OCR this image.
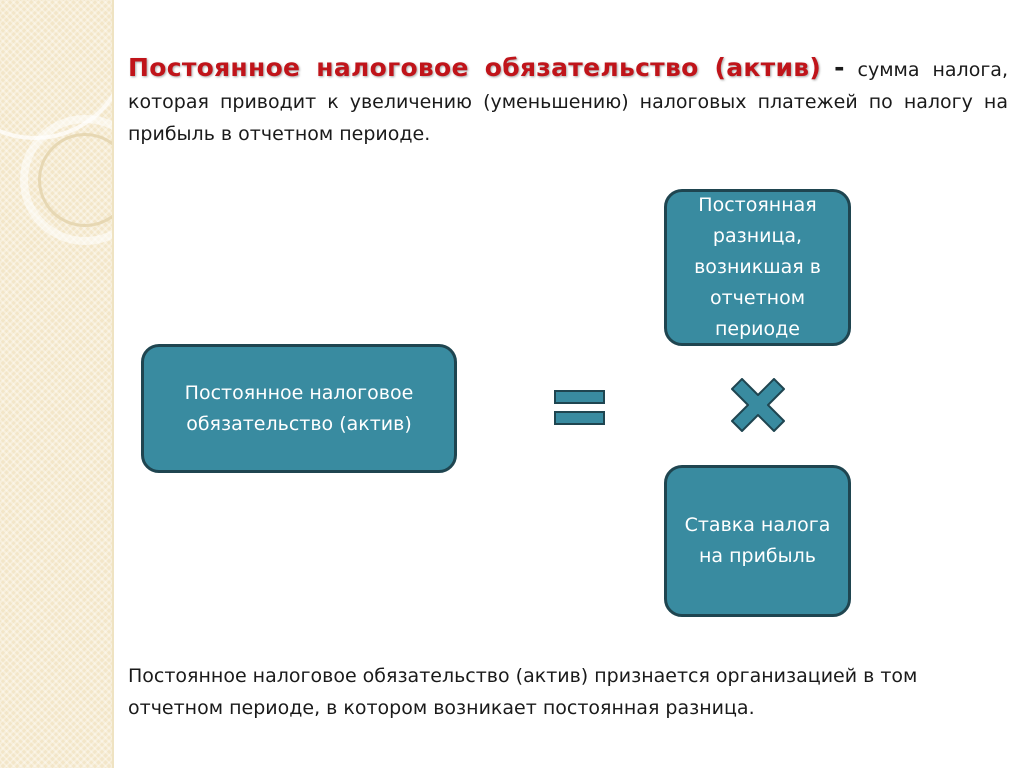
Постоянное налоговое обязательство (актив) - сумма налога, которая приводит к увеличению (уменьшению) налоговых платежей по налогу на прибыль в отчетном периоде.
Постоянное налоговое обязательство (актив)
Постоянная разница, возникшая в отчетном периоде
Ставка налога на прибыль
Постоянное налоговое обязательство (актив) признается организацией в том отчетном периоде, в котором возникает постоянная разница.
